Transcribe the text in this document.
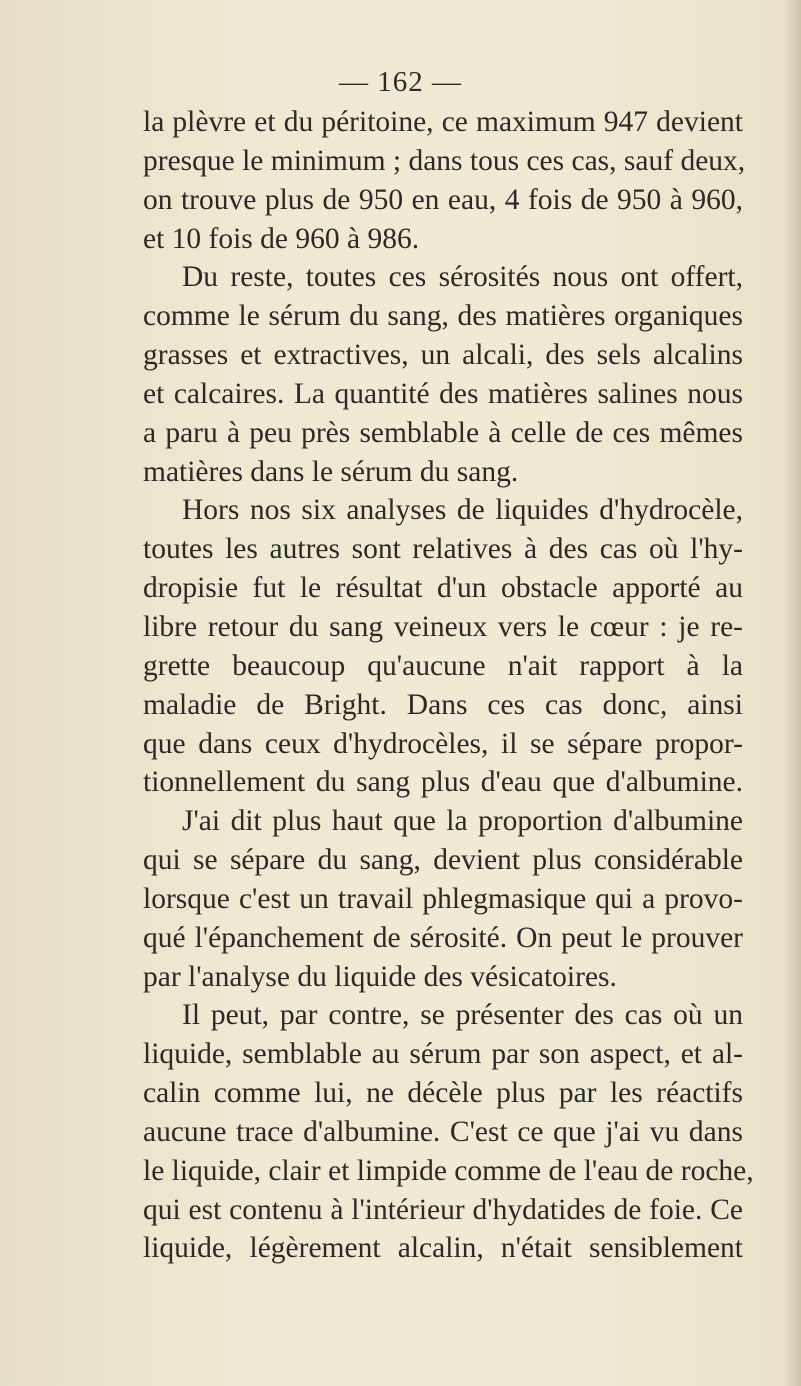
— 162 —
la plèvre et du péritoine, ce maximum 947 devient
presque le minimum ; dans tous ces cas, sauf deux,
on trouve plus de 950 en eau, 4 fois de 950 à 960,
et 10 fois de 960 à 986.
Du reste, toutes ces sérosités nous ont offert,
comme le sérum du sang, des matières organiques
grasses et extractives, un alcali, des sels alcalins
et calcaires. La quantité des matières salines nous
a paru à peu près semblable à celle de ces mêmes
matières dans le sérum du sang.
Hors nos six analyses de liquides d'hydrocèle,
toutes les autres sont relatives à des cas où l'hy-
dropisie fut le résultat d'un obstacle apporté au
libre retour du sang veineux vers le cœur : je re-
grette beaucoup qu'aucune n'ait rapport à la
maladie de Bright. Dans ces cas donc, ainsi
que dans ceux d'hydrocèles, il se sépare propor-
tionnellement du sang plus d'eau que d'albumine.
J'ai dit plus haut que la proportion d'albumine
qui se sépare du sang, devient plus considérable
lorsque c'est un travail phlegmasique qui a provo-
qué l'épanchement de sérosité. On peut le prouver
par l'analyse du liquide des vésicatoires.
Il peut, par contre, se présenter des cas où un
liquide, semblable au sérum par son aspect, et al-
calin comme lui, ne décèle plus par les réactifs
aucune trace d'albumine. C'est ce que j'ai vu dans
le liquide, clair et limpide comme de l'eau de roche,
qui est contenu à l'intérieur d'hydatides de foie. Ce
liquide, légèrement alcalin, n'était sensiblement
